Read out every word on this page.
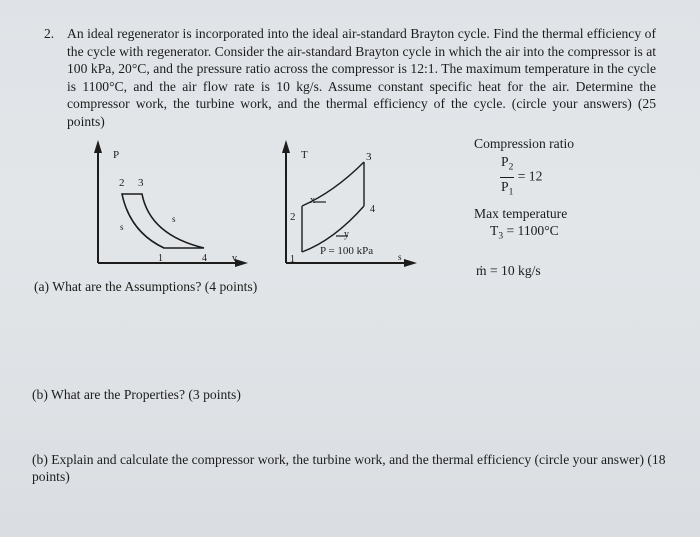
2. An ideal regenerator is incorporated into the ideal air-standard Brayton cycle. Find the thermal efficiency of the cycle with regenerator. Consider the air-standard Brayton cycle in which the air into the compressor is at 100 kPa, 20°C, and the pressure ratio across the compressor is 12:1. The maximum temperature in the cycle is 1100°C, and the air flow rate is 10 kg/s. Assume constant specific heat for the air. Determine the compressor work, the turbine work, and the thermal efficiency of the cycle. (circle your answers) (25 points)
P
v
2 3
1	4
s
s
T
s
1
2
3
4
x
y
P = 100 kPa
Compression ratio
$\frac{P_2}{P_1} = 12$
Max temperature
$T_3 = 1100^\circ C$
ṁ = 10 kg/s
(a) What are the Assumptions? (4 points)
(b) What are the Properties? (3 points)
(b) Explain and calculate the compressor work, the turbine work, and the thermal efficiency (circle your answer) (18 points)
